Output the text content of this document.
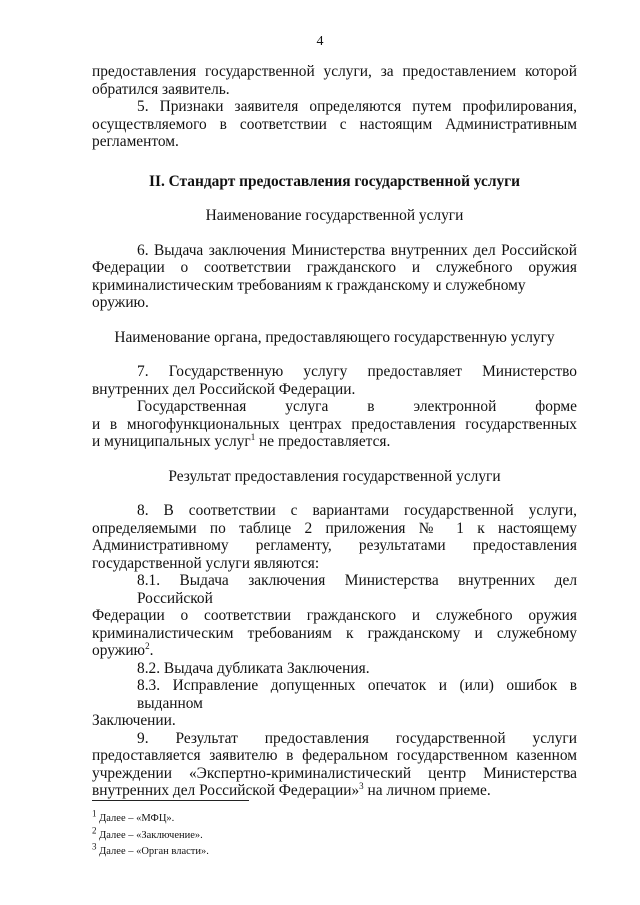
4

предоставления государственной услуги, за предоставлением которой

обратился заявитель.

5. Признаки заявителя определяются путем профилирования,

осуществляемого в соответствии с настоящим Административным

регламентом.

II. Стандарт предоставления государственной услуги

Наименование государственной услуги

6. Выдача заключения Министерства внутренних дел Российской

Федерации о соответствии гражданского и служебного оружия

криминалистическим требованиям к гражданскому и служебному оружию.

Наименование органа, предоставляющего государственную услугу

7. Государственную услугу предоставляет Министерство

внутренних дел Российской Федерации.

Государственная услуга в электронной форме

и в многофункциональных центрах предоставления государственных

и муниципальных услуг$^1$ не предоставляется.

Результат предоставления государственной услуги

8. В соответствии с вариантами государственной услуги,

определяемыми по таблице 2 приложения № 1 к настоящему

Административному регламенту, результатами предоставления

государственной услуги являются:

8.1. Выдача заключения Министерства внутренних дел Российской

Федерации о соответствии гражданского и служебного оружия

криминалистическим требованиям к гражданскому и служебному

оружию$^2$.

8.2. Выдача дубликата Заключения.

8.3. Исправление допущенных опечаток и (или) ошибок в выданном

Заключении.

9. Результат предоставления государственной услуги

предоставляется заявителю в федеральном государственном казенном

учреждении «Экспертно-криминалистический центр Министерства

внутренних дел Российской Федерации»$^3$ на личном приеме.

$^1$ Далее – «МФЦ».
$^2$ Далее – «Заключение».
$^3$ Далее – «Орган власти».
